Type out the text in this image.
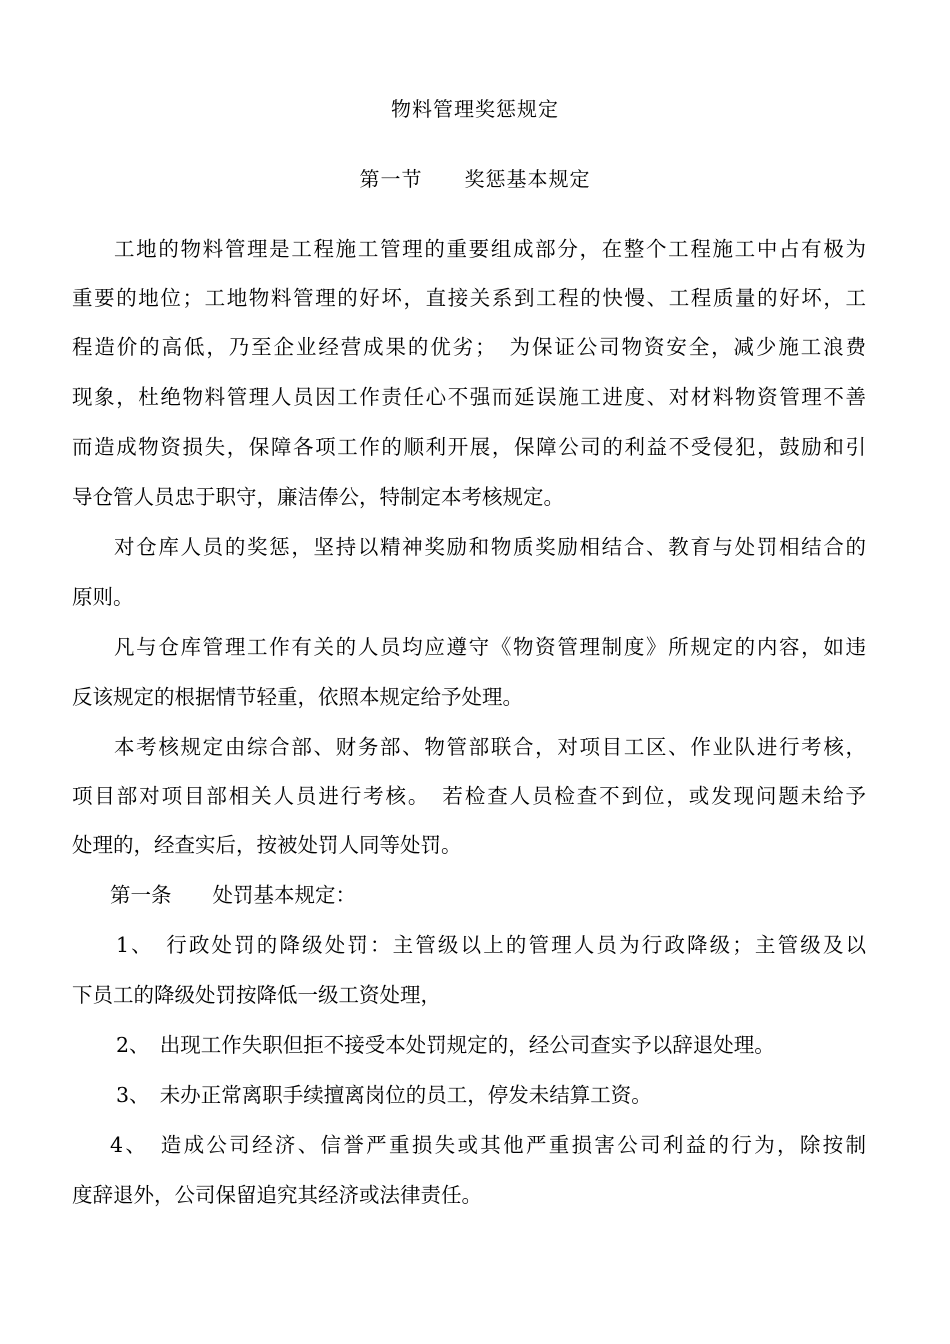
物料管理奖惩规定
第一节　　奖惩基本规定
工地的物料管理是工程施工管理的重要组成部分，在整个工程施工中占有极为
重要的地位；工地物料管理的好坏，直接关系到工程的快慢、工程质量的好坏，工
程造价的高低，乃至企业经营成果的优劣；　为保证公司物资安全，减少施工浪费
现象，杜绝物料管理人员因工作责任心不强而延误施工进度、对材料物资管理不善
而造成物资损失，保障各项工作的顺利开展，保障公司的利益不受侵犯，鼓励和引
导仓管人员忠于职守，廉洁俸公，特制定本考核规定。
对仓库人员的奖惩，坚持以精神奖励和物质奖励相结合、教育与处罚相结合的
原则。
凡与仓库管理工作有关的人员均应遵守《物资管理制度》所规定的内容，如违
反该规定的根据情节轻重，依照本规定给予处理。
本考核规定由综合部、财务部、物管部联合，对项目工区、作业队进行考核，
项目部对项目部相关人员进行考核。　若检查人员检查不到位，或发现问题未给予
处理的，经查实后，按被处罚人同等处罚。
第一条　　处罚基本规定：
1、　行政处罚的降级处罚：主管级以上的管理人员为行政降级；主管级及以
下员工的降级处罚按降低一级工资处理，
2、　出现工作失职但拒不接受本处罚规定的，经公司查实予以辞退处理。
3、　未办正常离职手续擅离岗位的员工，停发未结算工资。
4、　造成公司经济、信誉严重损失或其他严重损害公司利益的行为，除按制
度辞退外，公司保留追究其经济或法律责任。
